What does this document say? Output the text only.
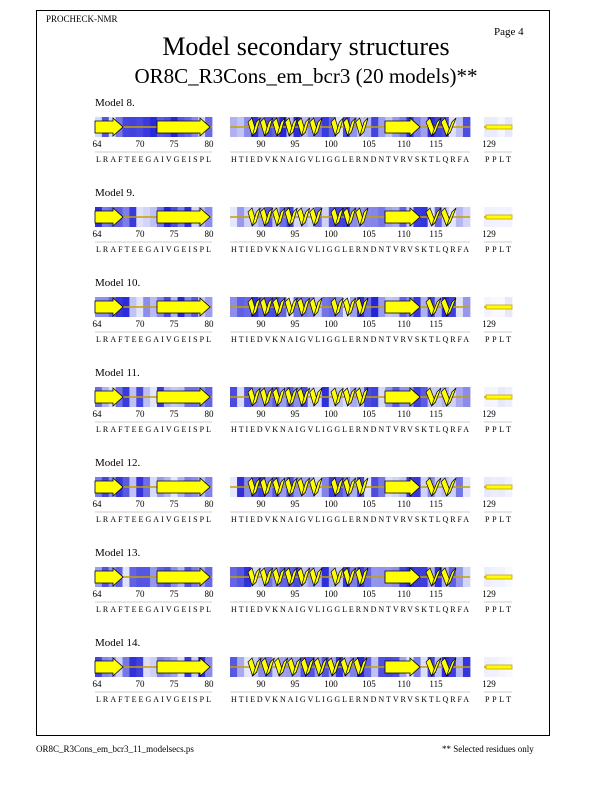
PROCHECK-NMR
Page 4
Model secondary structures
OR8C_R3Cons_em_bcr3 (20 models)**
Model 8.
64	70	75	80
LRAFTEEGAIVGEISPL
90	95	100	105 110 115
HTIEDVKNAIGVLIGGLERNDNTVRVSKTLQRFA
129
PPLT
Model 9.
64	70	75	80
LRAFTEEGAIVGEISPL
90	95	100	105 110 115
HTIEDVKNAIGVLIGGLERNDNTVRVSKTLQRFA
129
PPLT
Model 10.
64	70	75	80
LRAFTEEGAIVGEISPL
90	95	100	105 110 115
HTIEDVKNAIGVLIGGLERNDNTVRVSKTLQRFA
129
PPLT
Model 11.
64	70	75	80
LRAFTEEGAIVGEISPL
90	95	100	105 110 115
HTIEDVKNAIGVLIGGLERNDNTVRVSKTLQRFA
129
PPLT
Model 12.
64	70	75	80
LRAFTEEGAIVGEISPL
90	95	100	105 110 115
HTIEDVKNAIGVLIGGLERNDNTVRVSKTLQRFA
129
PPLT
Model 13.
64	70	75	80
LRAFTEEGAIVGEISPL
90	95	100	105 110 115
HTIEDVKNAIGVLIGGLERNDNTVRVSKTLQRFA
129
PPLT
Model 14.
64	70	75	80
LRAFTEEGAIVGEISPL
90	95	100	105 110 115
HTIEDVKNAIGVLIGGLERNDNTVRVSKTLQRFA
129
PPLT
OR8C_R3Cons_em_bcr3_11_modelsecs.ps	** Selected residues only
